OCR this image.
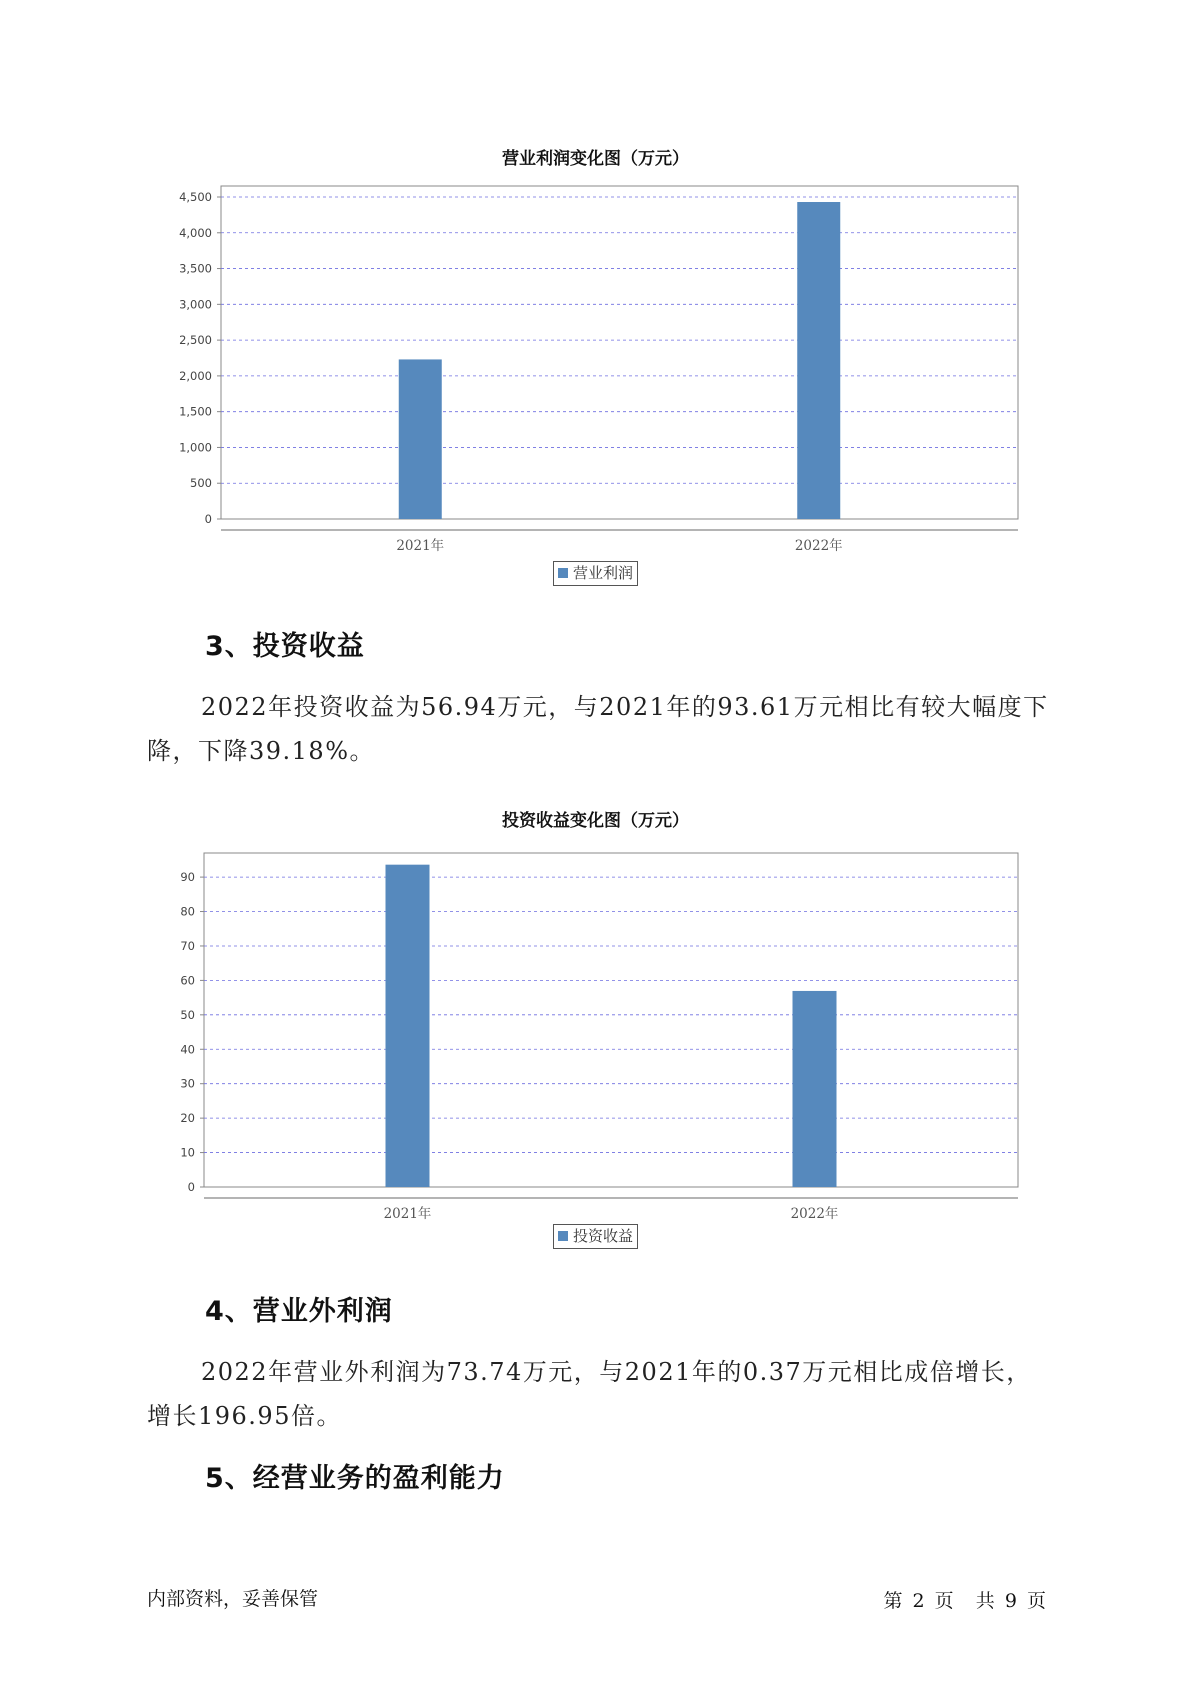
营业利润变化图（万元）
0
500
1,000
1,500
2,000
2,500
3,000
3,500
4,000
4,500
2021年	2022年
营业利润
3、投资收益

2022年投资收益为56.94万元，与2021年的93.61万元相比有较大幅度下降，下降39.18%。

投资收益变化图（万元）
0
10
20
30
40
50
60
70
80
90
2021年	2022年
投资收益
4、营业外利润

2022年营业外利润为73.74万元，与2021年的0.37万元相比成倍增长，增长196.95倍。

5、经营业务的盈利能力
内部资料，妥善保管	第 2 页 共 9 页
